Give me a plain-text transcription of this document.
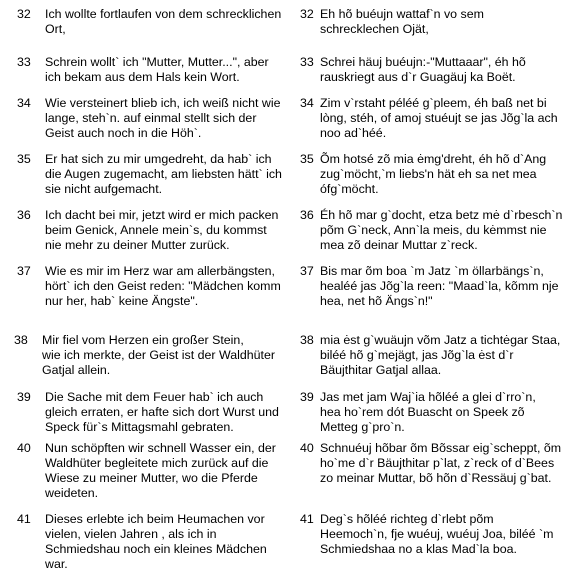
32 Ich wollte fortlaufen von dem schrecklichen
Ort,
33 Schrein wollt` ich "Mutter, Mutter...", aber
ich bekam aus dem Hals kein Wort.
34 Wie versteinert blieb ich, ich weiß nicht wie
lange, steh`n. auf einmal stellt sich der
Geist auch noch in die Höh`.
35 Er hat sich zu mir umgedreht, da hab` ich
die Augen zugemacht, am liebsten hätt` ich
sie nicht aufgemacht.
36 Ich dacht bei mir, jetzt wird er mich packen
beim Genick, Annele mein`s, du kommst
nie mehr zu deiner Mutter zurück.
37 Wie es mir im Herz war am allerbängsten,
hört` ich den Geist reden: "Mädchen komm
nur her, hab` keine Ängste".
38 Mir fiel vom Herzen ein großer Stein,
wie ich merkte, der Geist ist der Waldhüter
Gatjal allein.
39 Die Sache mit dem Feuer hab` ich auch
gleich erraten, er hafte sich dort Wurst und
Speck für`s Mittagsmahl gebraten.
40 Nun schöpften wir schnell Wasser ein, der
Waldhüter begleitete mich zurück auf die
Wiese zu meiner Mutter, wo die Pferde
weideten.
41 Dieses erlebte ich beim Heumachen vor
vielen, vielen Jahren , als ich in
Schmiedshau noch ein kleines Mädchen
war.
32 Eh hõ buéujn wattaf`n vo sem
schrecklechen Ojät,
33 Schrei häuj buéujn:-"Muttaaar", éh hõ
rauskriegt aus d`r Guagäuj ka Boët.
34 Zim v`rstaht péléé g`pleem, éh baß net bi
lòng, stéh, of amoj stuéujt se jas Jõg`la ach
noo ad`héé.
35 Õm hotsé zõ mia ėmg'dreht, éh hõ d`Ang
zug`möcht,`m liebs'n hät eh sa net mea
ófg`möcht.
36 Éh hõ mar g`docht, etza betz mė d`rbesch`n
põm G`neck, Ann`la meis, du kėmmst nie
mea zõ deinar Muttar z`reck.
37 Bis mar õm boa `m Jatz `m öllarbängs`n,
healéé jas Jõg`la reen: "Maad`la, kõmm nje
hea, net hõ Ängs`n!"
38 mia ėst g`wuäujn võm Jatz a tichtėgar Staa,
biléé hõ g`mejägt, jas Jõg`la ėst d`r
Bäujthitar Gatjal allaa.
39 Jas met jam Waj`ia hõléé a glei d`rro`n,
hea ho`rem dót Buascht on Speek zõ
Metteg g`pro`n.
40 Schnuéuj hõbar õm Bõssar eig`scheppt, õm
ho`me d`r Bäujthitar p`lat, z`reck of d`Bees
zo meinar Muttar, bõ hõn d`Ressäuj g`bat.
41 Deg`s hõléé richteg d`rlebt põm
Heemoch`n, fje wuéuj, wuéuj Joa, biléé `m
Schmiedshaa no a klas Mad`la boa.
